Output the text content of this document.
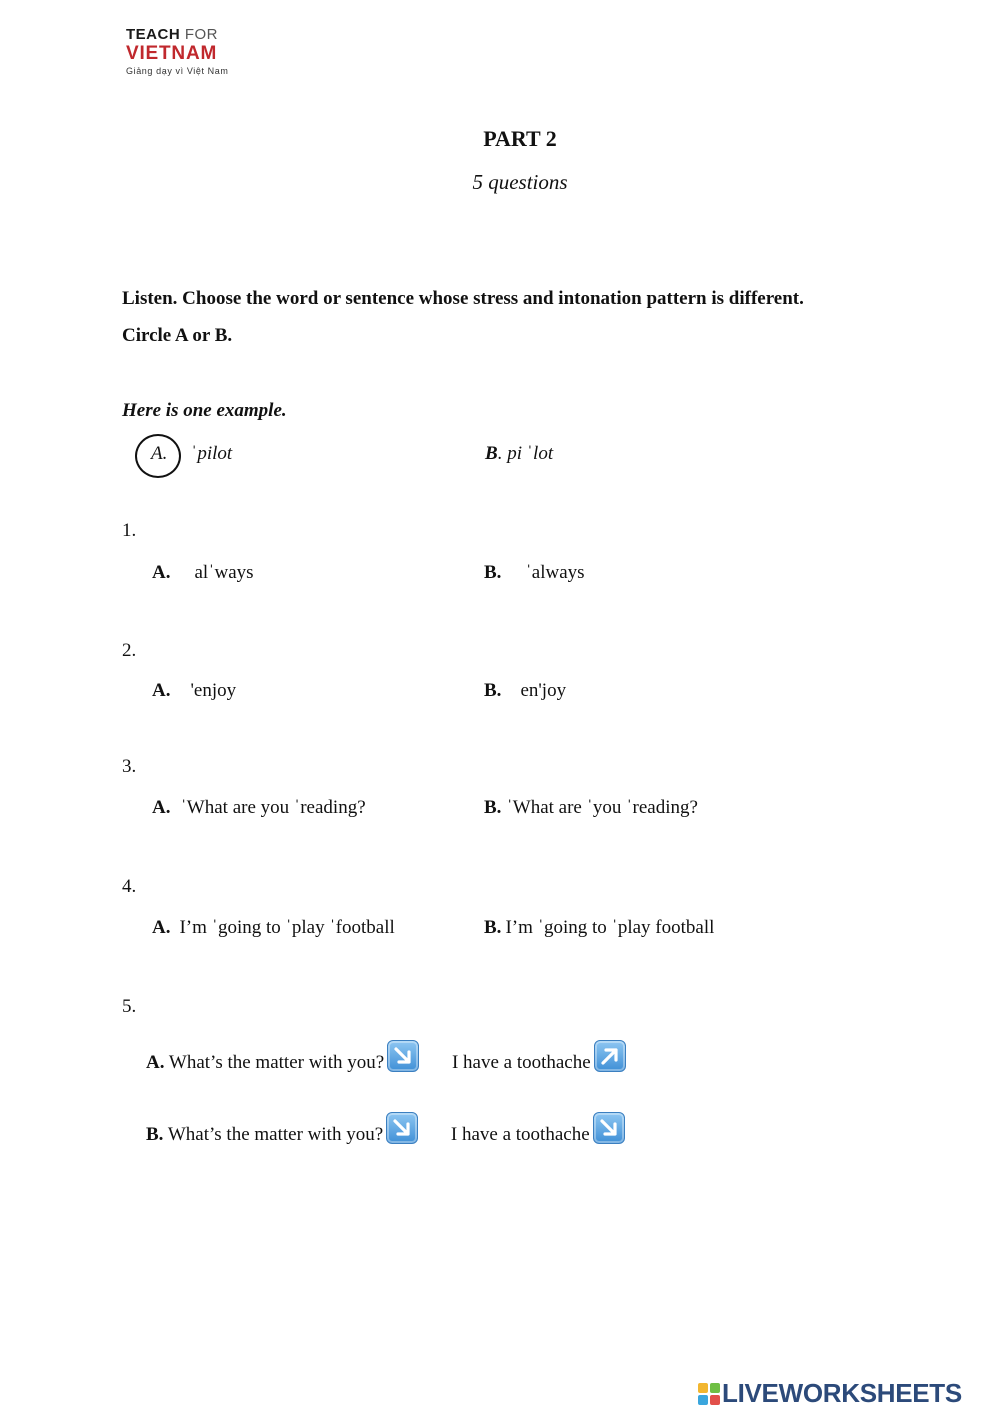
TEACH FOR
VIETNAM
Giảng dạy vì Việt Nam
PART 2
5 questions
Listen. Choose the word or sentence whose stress and intonation pattern is different.
Circle A or B.
Here is one example.
A. ˈpilot	B. pi ˈlot
1.
A. alˈways	B. ˈalways
2.
A. 'enjoy	B. en'joy
3.
A. ˈWhat are you ˈreading?	B. ˈWhat are ˈyou ˈreading?
4.
A. I’m ˈgoing to ˈplay ˈfootball	B. I’m ˈgoing to ˈplay football
5.
A. What’s the matter with you?	I have a toothache
B. What’s the matter with you?	I have a toothache
LIVEWORKSHEETS
